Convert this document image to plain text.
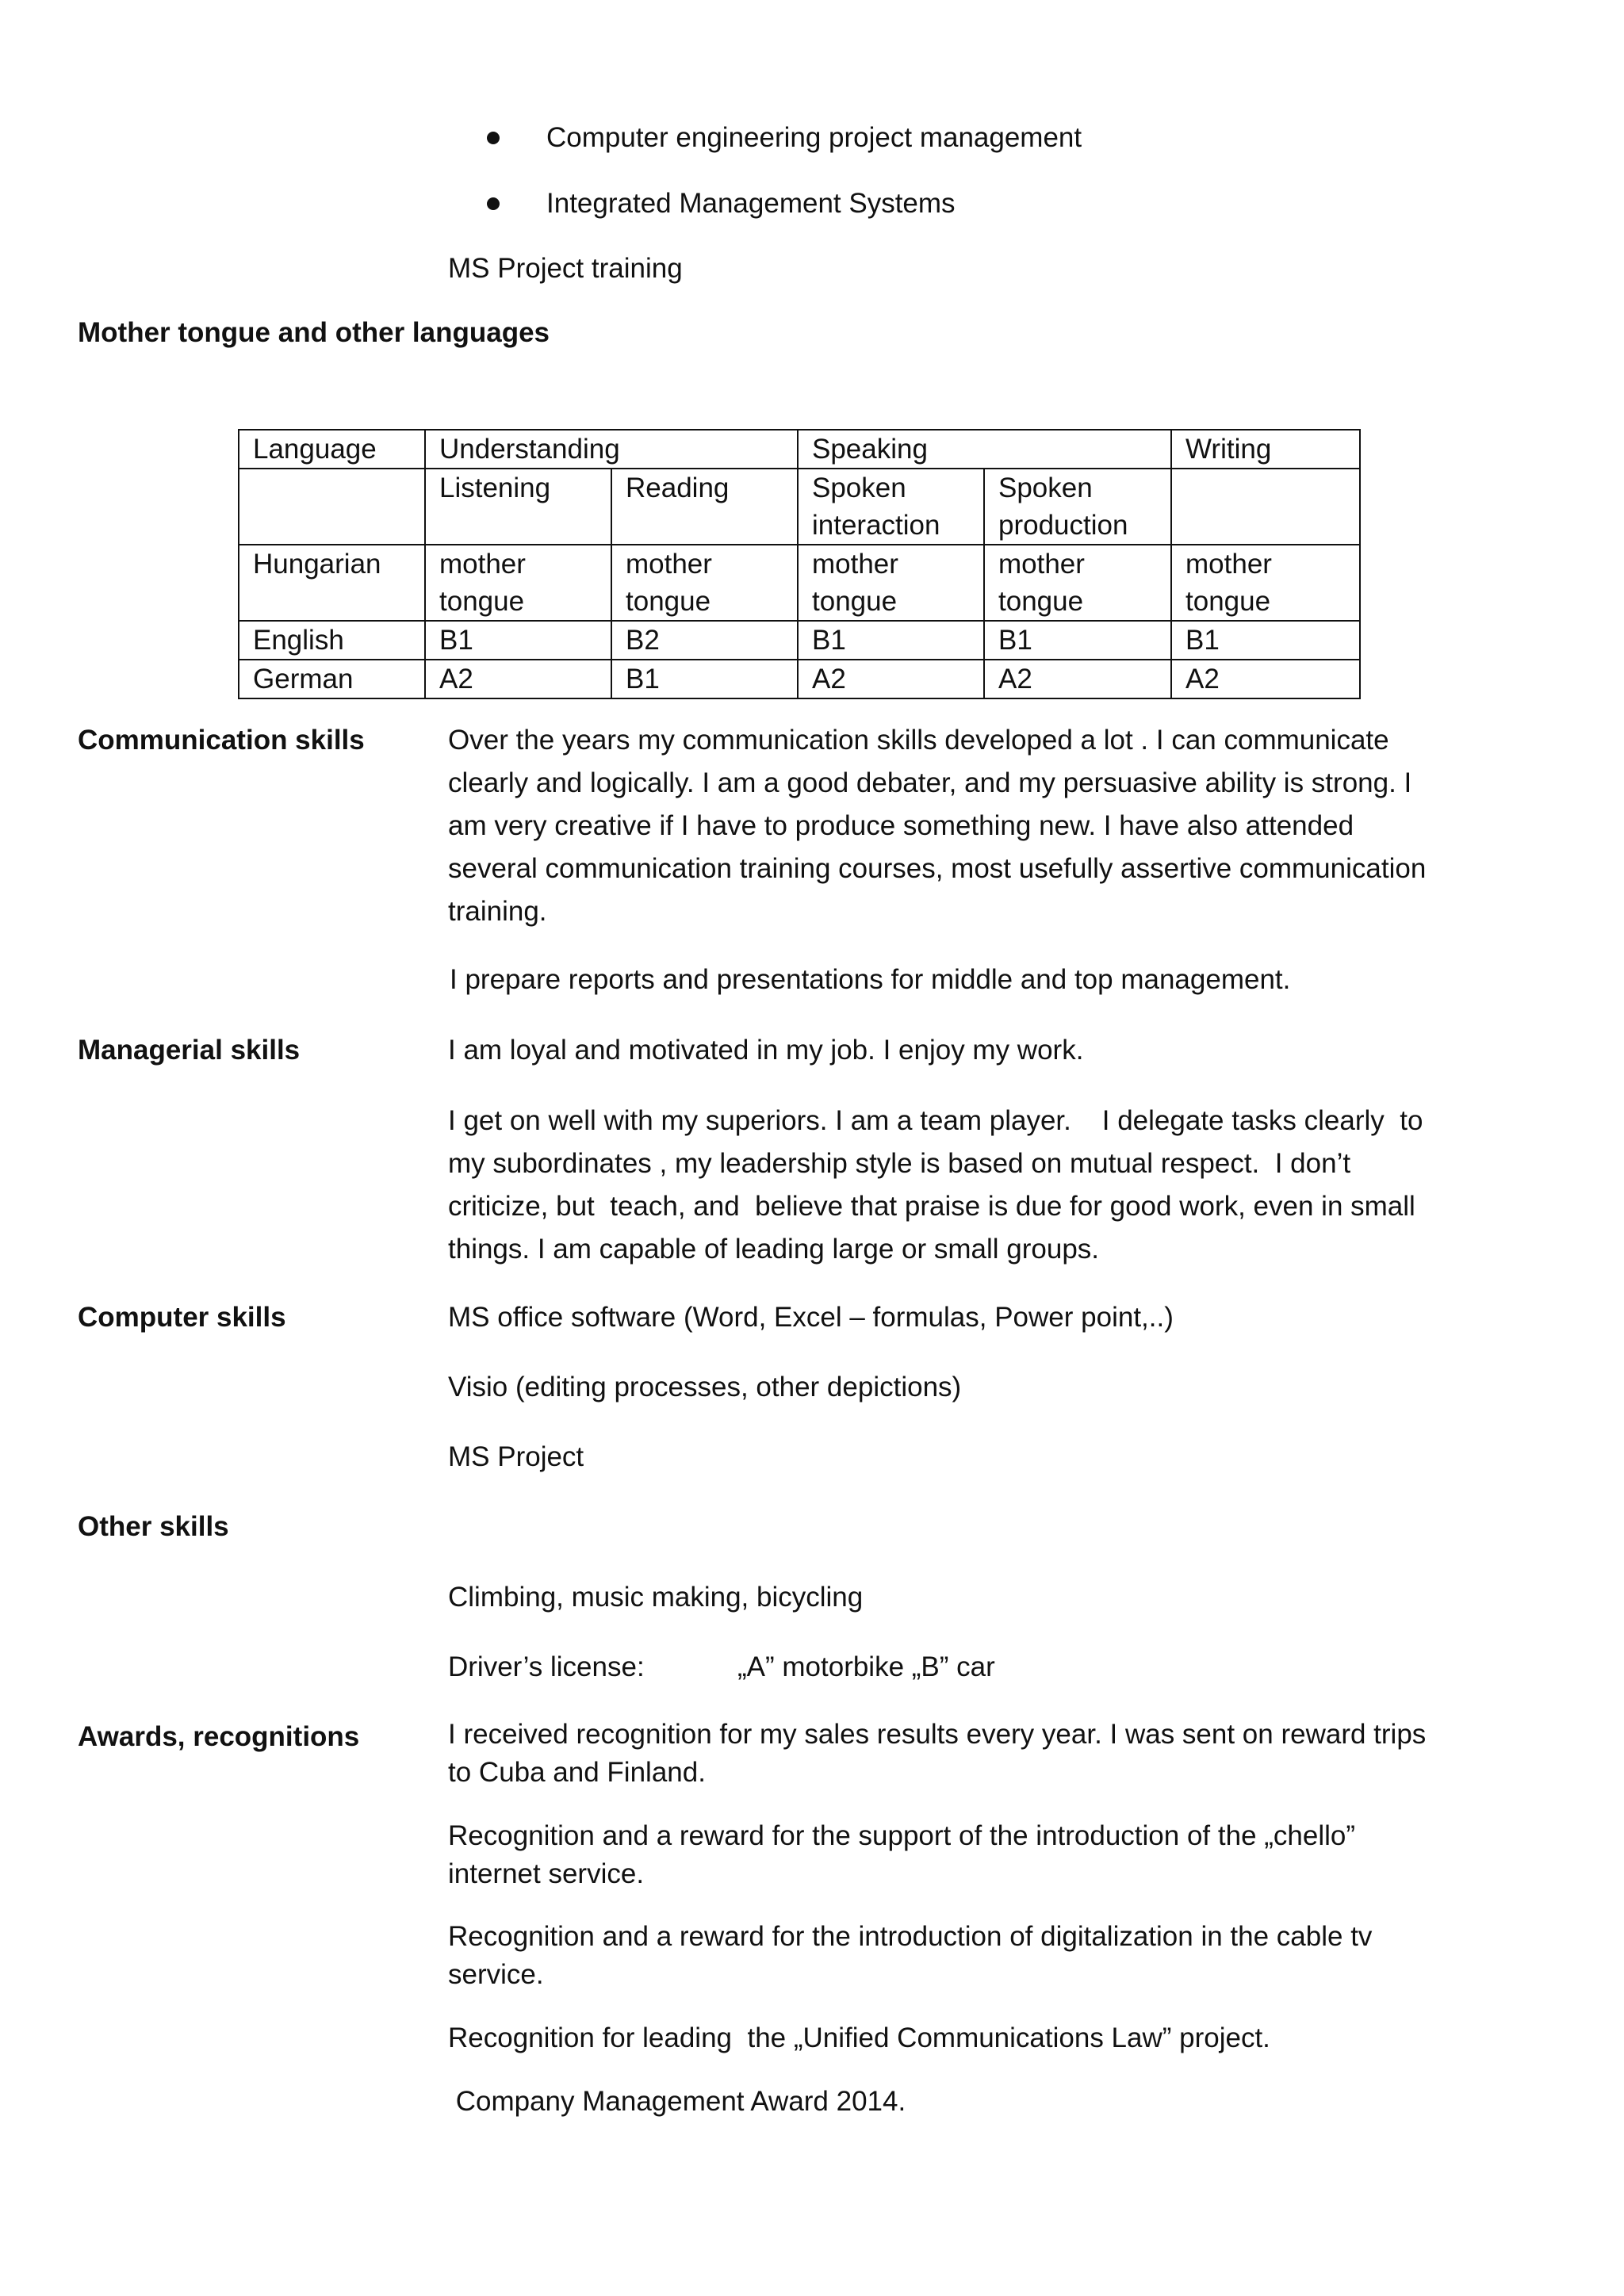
Computer engineering project management

Integrated Management Systems

MS Project training

Mother tongue and other languages

Language	Understanding		Speaking		Writing
	Listening	Reading	Spoken interaction	Spoken production	
Hungarian	mother tongue	mother tongue	mother tongue	mother tongue	mother tongue
English	B1	B2	B1	B1	B1
German	A2	B1	A2	A2	A2

Communication skills	Over the years my communication skills developed a lot . I can communicate
clearly and logically. I am a good debater, and my persuasive ability is strong. I
am very creative if I have to produce something new. I have also attended
several communication training courses, most usefully assertive communication
training.

I prepare reports and presentations for middle and top management.

Managerial skills	I am loyal and motivated in my job. I enjoy my work.

I get on well with my superiors. I am a team player.    I delegate tasks clearly  to
my subordinates , my leadership style is based on mutual respect.  I don’t
criticize, but  teach, and  believe that praise is due for good work, even in small
things. I am capable of leading large or small groups.

Computer skills	MS office software (Word, Excel – formulas, Power point,..)

Visio (editing processes, other depictions)

MS Project

Other skills

Climbing, music making, bicycling

Driver’s license:	„A” motorbike „B” car

Awards, recognitions	I received recognition for my sales results every year. I was sent on reward trips
to Cuba and Finland.
Recognition and a reward for the support of the introduction of the „chello”
internet service.
Recognition and a reward for the introduction of digitalization in the cable tv
service.
Recognition for leading  the „Unified Communications Law” project.
Company Management Award 2014.
